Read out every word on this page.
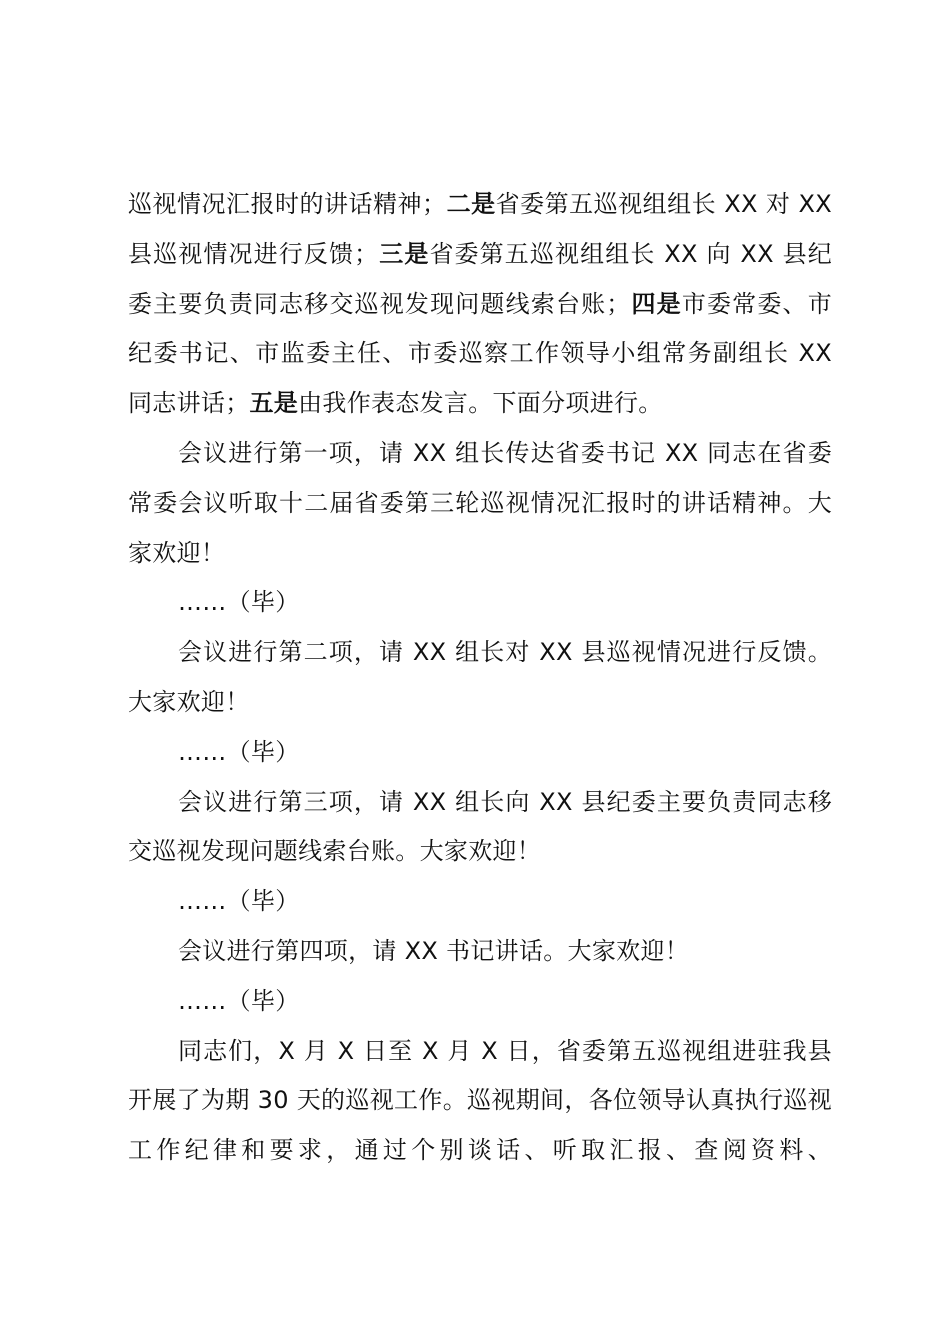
巡视情况汇报时的讲话精神；二是省委第五巡视组组长 XX 对 XX 县巡视情况进行反馈；三是省委第五巡视组组长 XX 向 XX 县纪委主要负责同志移交巡视发现问题线索台账；四是市委常委、市纪委书记、市监委主任、市委巡察工作领导小组常务副组长 XX 同志讲话；五是由我作表态发言。下面分项进行。

会议进行第一项，请 XX 组长传达省委书记 XX 同志在省委常委会议听取十二届省委第三轮巡视情况汇报时的讲话精神。大家欢迎！

……（毕）

会议进行第二项，请 XX 组长对 XX 县巡视情况进行反馈。大家欢迎！

……（毕）

会议进行第三项，请 XX 组长向 XX 县纪委主要负责同志移交巡视发现问题线索台账。大家欢迎！

……（毕）

会议进行第四项，请 XX 书记讲话。大家欢迎！

……（毕）

同志们，X 月 X 日至 X 月 X 日，省委第五巡视组进驻我县开展了为期 30 天的巡视工作。巡视期间，各位领导认真执行巡视工作纪律和要求，通过个别谈话、听取汇报、查阅资料、
